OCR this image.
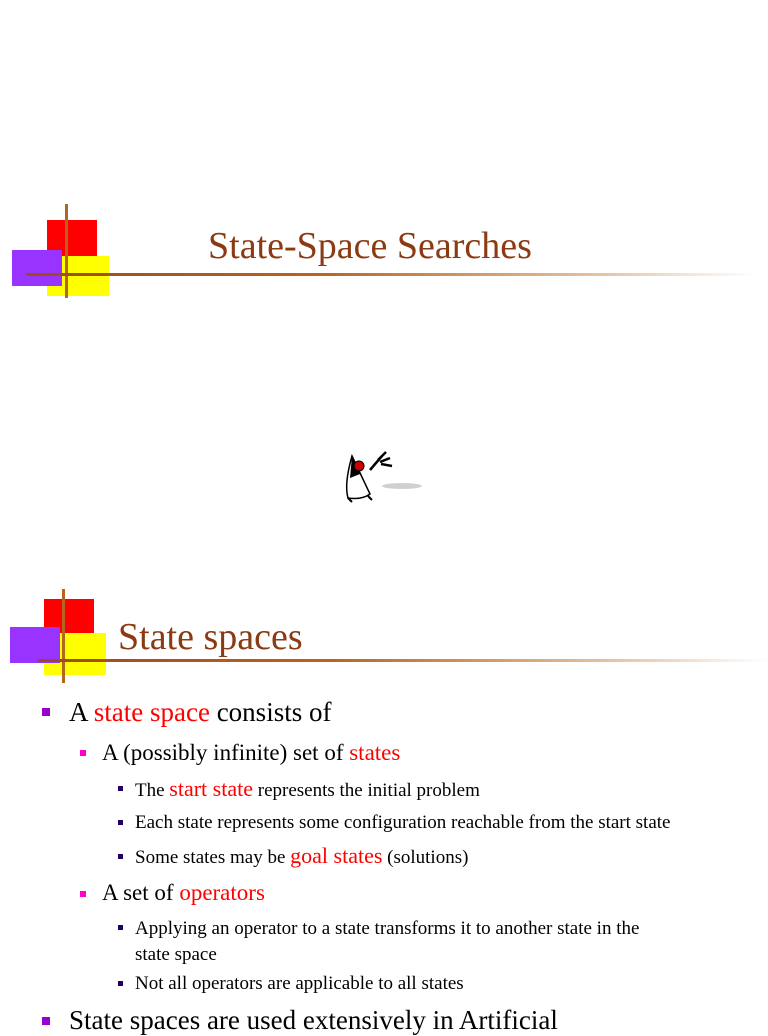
State-Space Searches
State spaces
A state space consists of
A (possibly infinite) set of states
The start state represents the initial problem
Each state represents some configuration reachable from the start state
Some states may be goal states (solutions)
A set of operators
Applying an operator to a state transforms it to another state in the
state space
Not all operators are applicable to all states
State spaces are used extensively in Artificial
